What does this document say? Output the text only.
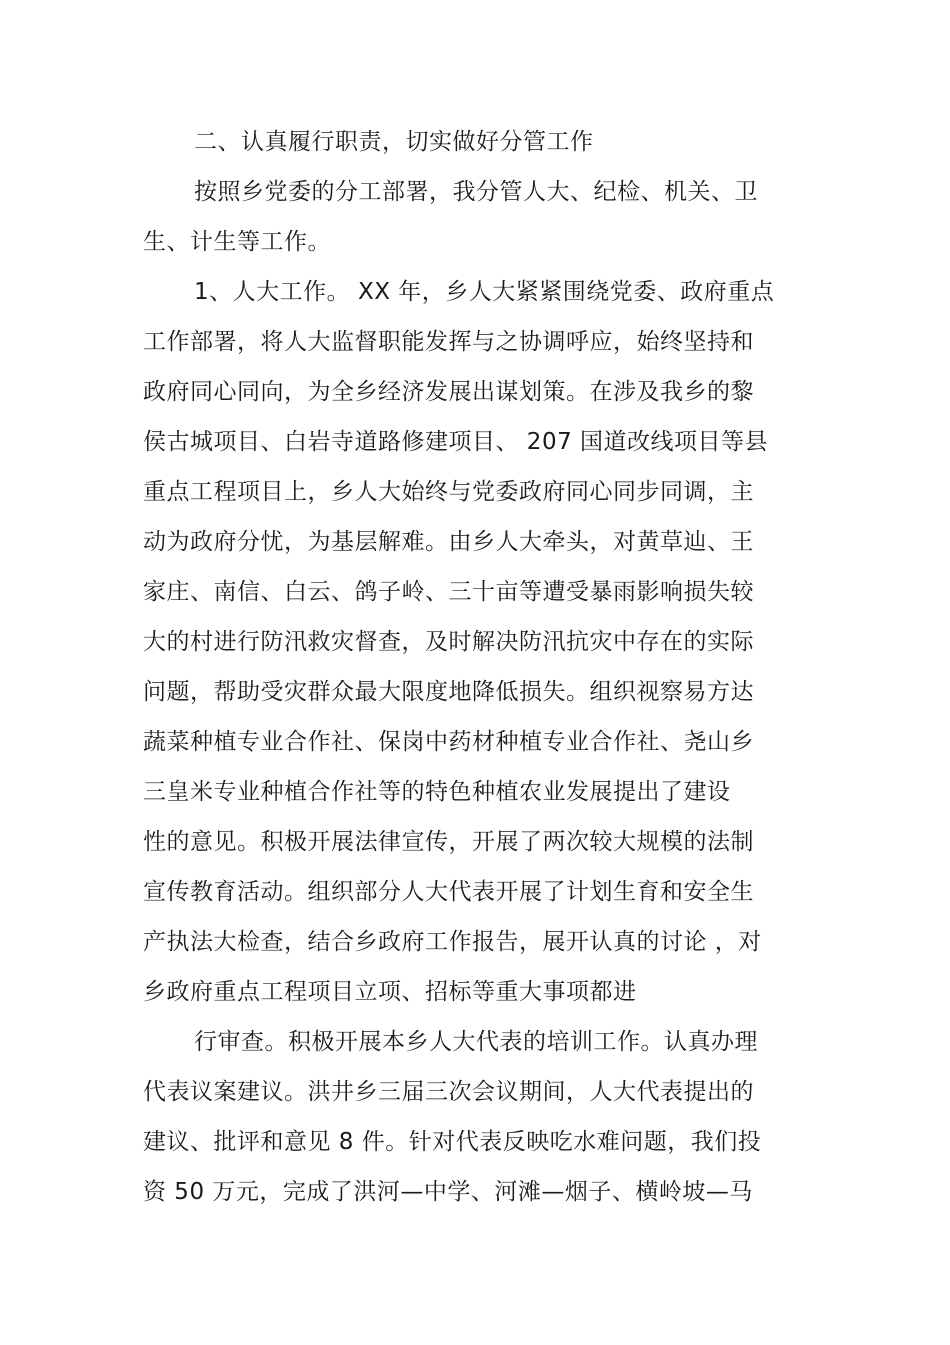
二、认真履行职责，切实做好分管工作
按照乡党委的分工部署，我分管人大、纪检、机关、卫
生、计生等工作。
1、人大工作。 XX 年，乡人大紧紧围绕党委、政府重点
工作部署，将人大监督职能发挥与之协调呼应，始终坚持和
政府同心同向，为全乡经济发展出谋划策。在涉及我乡的黎
侯古城项目、白岩寺道路修建项目、 207 国道改线项目等县
重点工程项目上，乡人大始终与党委政府同心同步同调，主
动为政府分忧，为基层解难。由乡人大牵头，对黄草辿、王
家庄、南信、白云、鸽子岭、三十亩等遭受暴雨影响损失较
大的村进行防汛救灾督查，及时解决防汛抗灾中存在的实际
问题，帮助受灾群众最大限度地降低损失。组织视察易方达
蔬菜种植专业合作社、保岗中药材种植专业合作社、尧山乡
三皇米专业种植合作社等的特色种植农业发展提出了建设
性的意见。积极开展法律宣传，开展了两次较大规模的法制
宣传教育活动。组织部分人大代表开展了计划生育和安全生
产执法大检查，结合乡政府工作报告，展开认真的讨论 ，对
乡政府重点工程项目立项、招标等重大事项都进
行审查。积极开展本乡人大代表的培训工作。认真办理
代表议案建议。洪井乡三届三次会议期间，人大代表提出的
建议、批评和意见 8 件。针对代表反映吃水难问题，我们投
资 50 万元，完成了洪河—中学、河滩—烟子、横岭坡—马
